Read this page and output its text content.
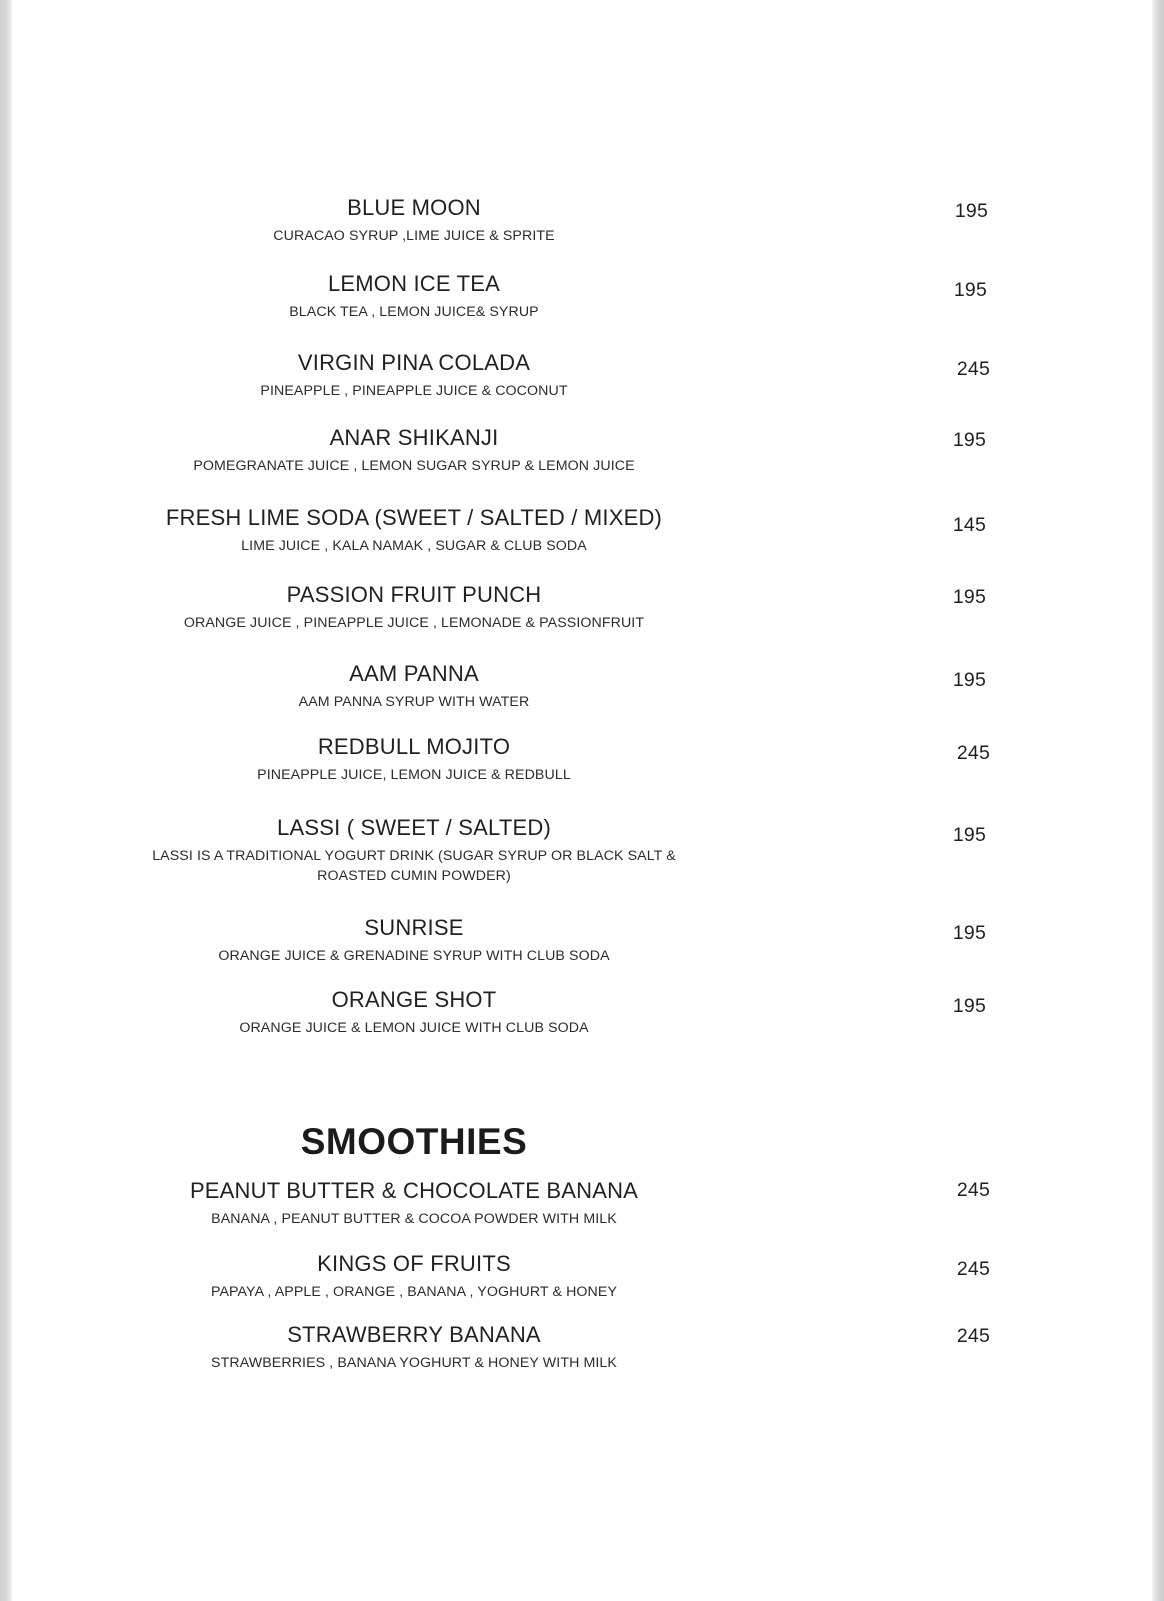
BLUE MOON
CURACAO SYRUP ,LIME JUICE & SPRITE
195
LEMON ICE TEA
BLACK TEA , LEMON JUICE& SYRUP
195
VIRGIN PINA COLADA
PINEAPPLE , PINEAPPLE JUICE & COCONUT
245
ANAR SHIKANJI
POMEGRANATE JUICE , LEMON SUGAR SYRUP & LEMON JUICE
195
FRESH LIME SODA (SWEET / SALTED / MIXED)
LIME JUICE , KALA NAMAK , SUGAR & CLUB SODA
145
PASSION FRUIT PUNCH
ORANGE JUICE , PINEAPPLE JUICE , LEMONADE & PASSIONFRUIT
195
AAM PANNA
AAM PANNA SYRUP WITH WATER
195
REDBULL MOJITO
PINEAPPLE JUICE, LEMON JUICE & REDBULL
245
LASSI ( SWEET / SALTED)
LASSI IS A TRADITIONAL YOGURT DRINK (SUGAR SYRUP OR BLACK SALT & ROASTED CUMIN POWDER)
195
SUNRISE
ORANGE JUICE & GRENADINE SYRUP WITH CLUB SODA
195
ORANGE SHOT
ORANGE JUICE & LEMON JUICE WITH CLUB SODA
195
SMOOTHIES
PEANUT BUTTER & CHOCOLATE BANANA
BANANA , PEANUT BUTTER & COCOA POWDER WITH MILK
245
KINGS OF FRUITS
PAPAYA , APPLE , ORANGE , BANANA , YOGHURT & HONEY
245
STRAWBERRY BANANA
STRAWBERRIES , BANANA YOGHURT & HONEY WITH MILK
245
